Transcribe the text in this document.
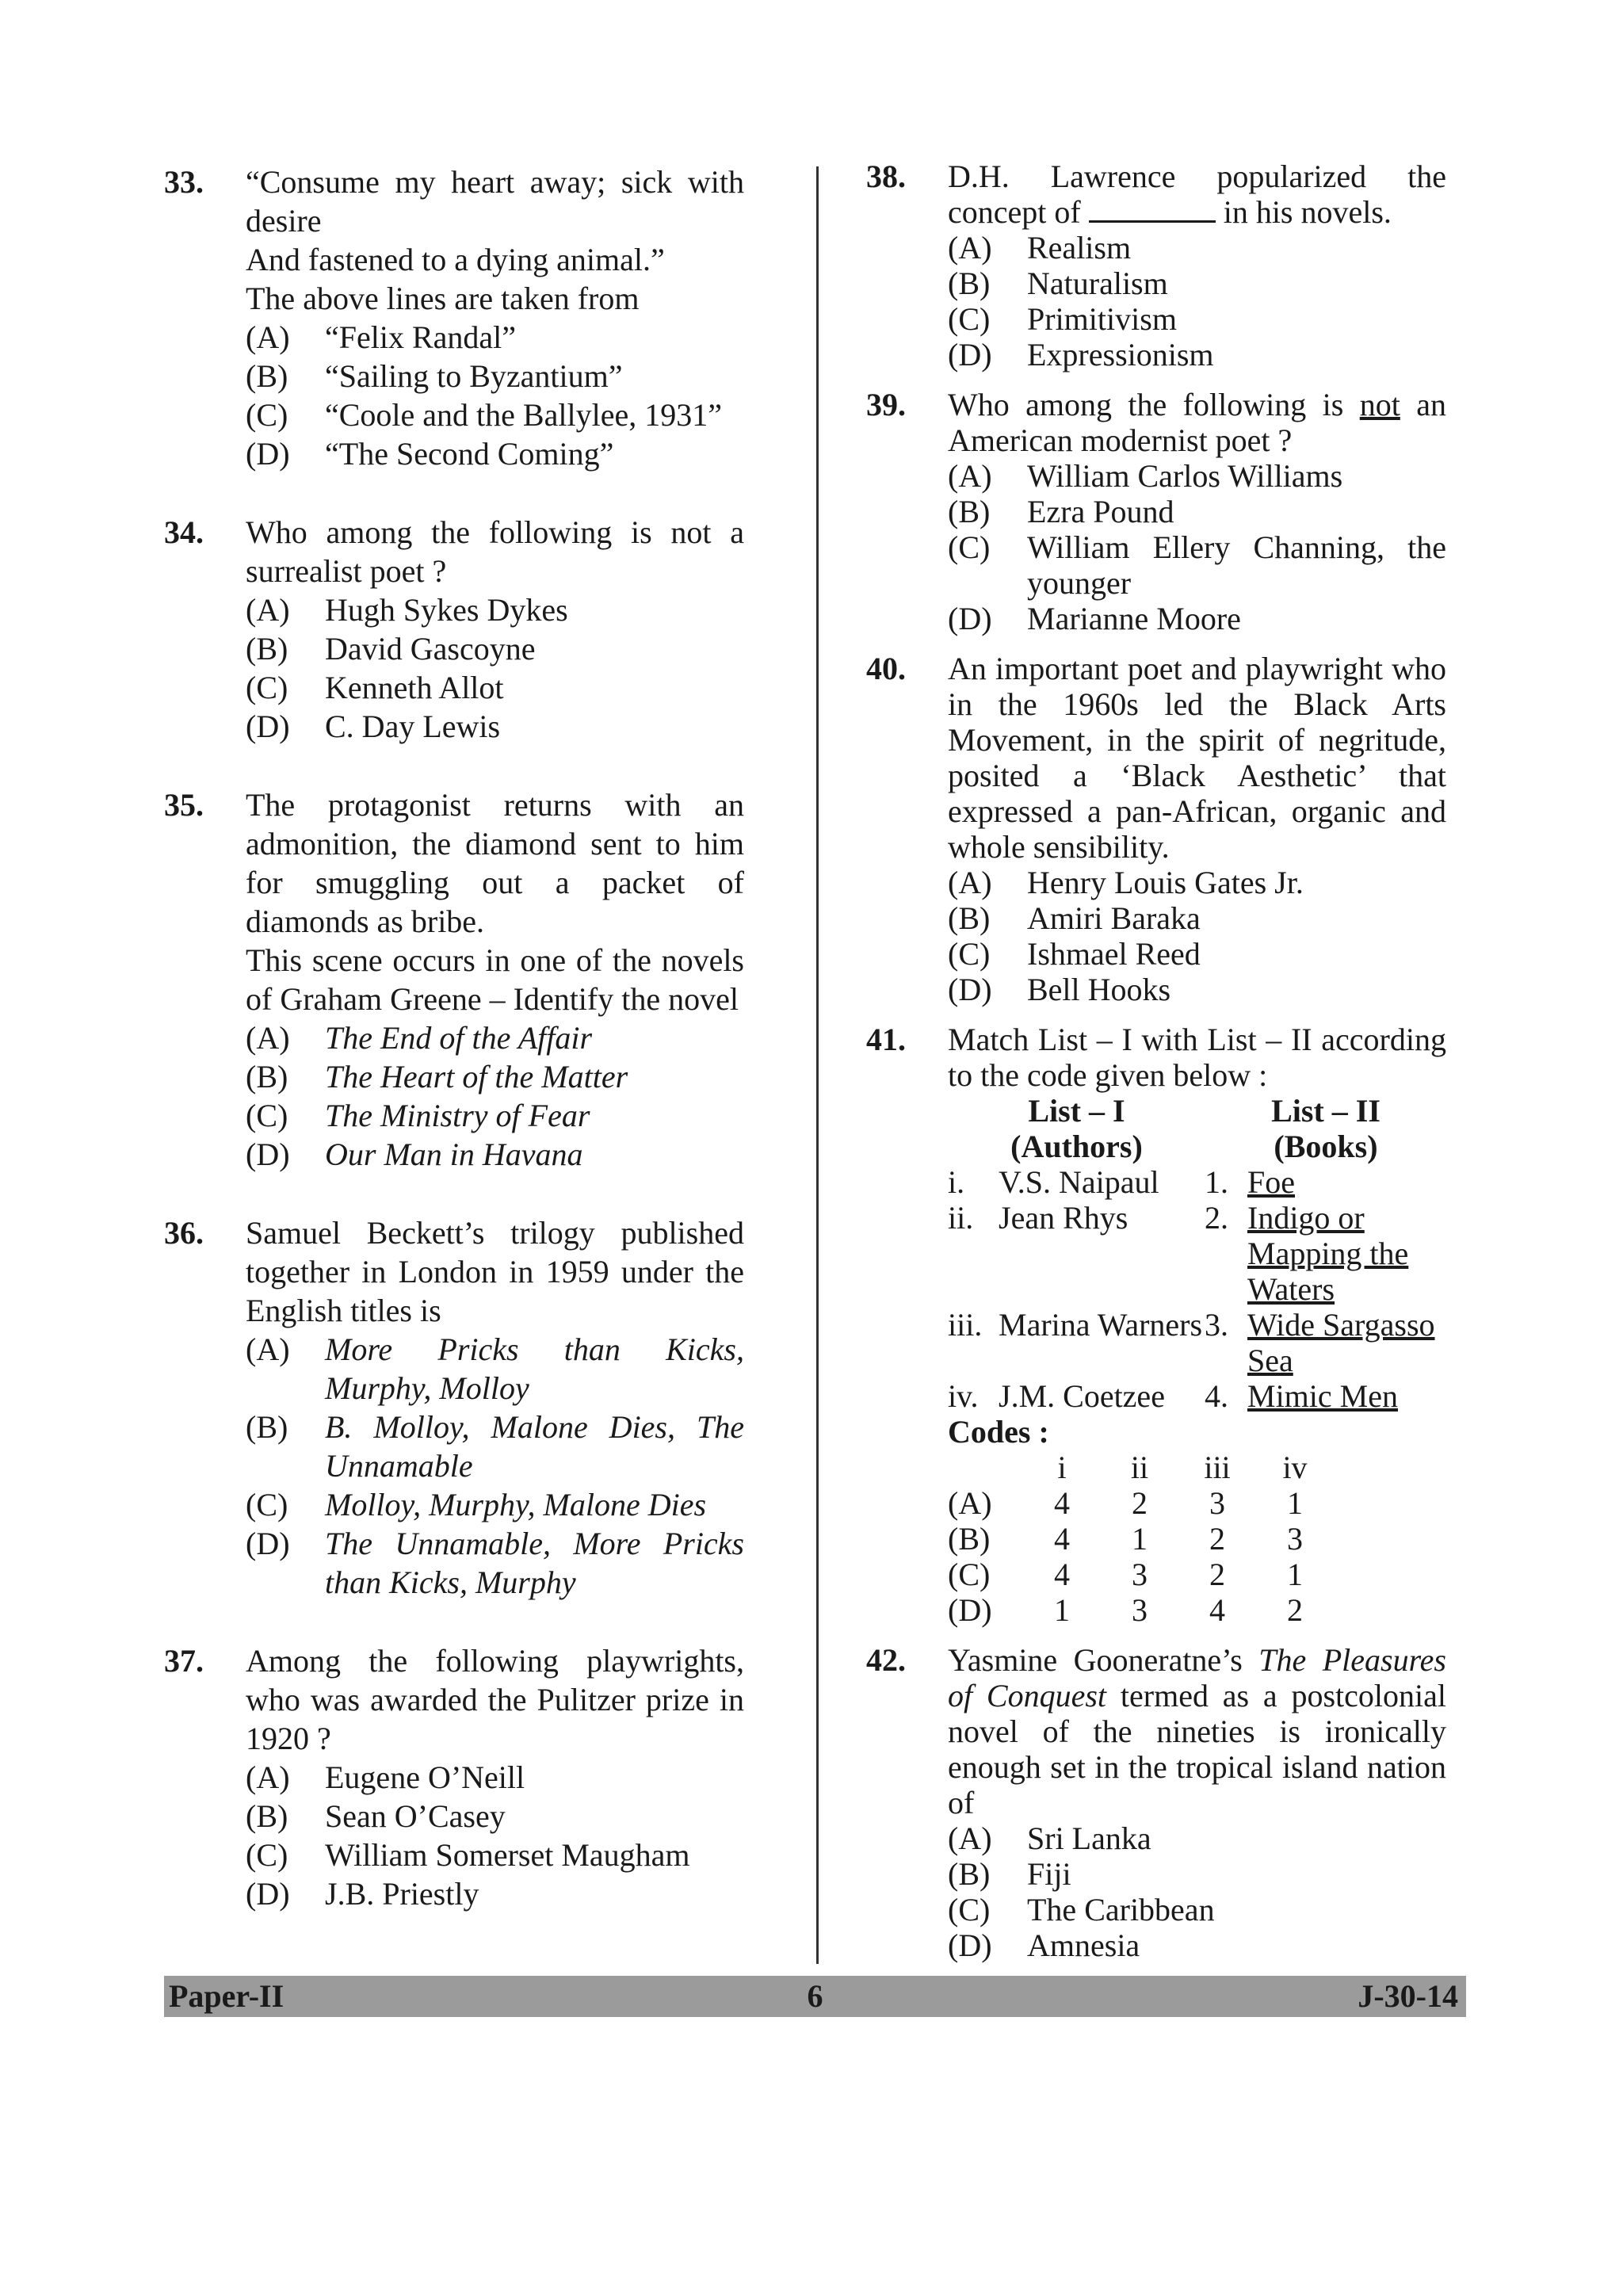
33.	“Consume my heart away; sick with desire
And fastened to a dying animal.”
The above lines are taken from
(A)	“Felix Randal”
(B)	“Sailing to Byzantium”
(C)	“Coole and the Ballylee, 1931”
(D)	“The Second Coming”
34.	Who among the following is not a surrealist poet ?
(A)	Hugh Sykes Dykes
(B)	David Gascoyne
(C)	Kenneth Allot
(D)	C. Day Lewis
35.	The protagonist returns with an admonition, the diamond sent to him for smuggling out a packet of diamonds as bribe.
This scene occurs in one of the novels of Graham Greene – Identify the novel
(A)	The End of the Affair
(B)	The Heart of the Matter
(C)	The Ministry of Fear
(D)	Our Man in Havana
36.	Samuel Beckett’s trilogy published together in London in 1959 under the English titles is
(A)	More Pricks than Kicks, Murphy, Molloy
(B)	B. Molloy, Malone Dies, The Unnamable
(C)	Molloy, Murphy, Malone Dies
(D)	The Unnamable, More Pricks than Kicks, Murphy
37.	Among the following playwrights, who was awarded the Pulitzer prize in 1920 ?
(A)	Eugene O’Neill
(B)	Sean O’Casey
(C)	William Somerset Maugham
(D)	J.B. Priestly
38.	D.H. Lawrence popularized the concept of	in his novels.
(A)	Realism
(B)	Naturalism
(C)	Primitivism
(D)	Expressionism
39.	Who among the following is not an American modernist poet ?
(A)	William Carlos Williams
(B)	Ezra Pound
(C)	William Ellery Channing, the younger
(D)	Marianne Moore
40.	An important poet and playwright who in the 1960s led the Black Arts Movement, in the spirit of negritude, posited a ‘Black Aesthetic’ that expressed a pan-African, organic and whole sensibility.
(A)	Henry Louis Gates Jr.
(B)	Amiri Baraka
(C)	Ishmael Reed
(D)	Bell Hooks
41.	Match List – I with List – II according to the code given below :
List – I
(Authors)
List – II
(Books)
i.	V.S. Naipaul	1. Foe
ii. Jean Rhys	2. Indigo or Mapping the Waters
iii. Marina Warners 3. Wide Sargasso Sea
iv. J.M. Coetzee	4. Mimic Men
Codes :
i	ii	iii	iv
(A)	4	2	3	1
(B)	4	1	2	3
(C)	4	3	2	1
(D)	1	3	4	2
42.	Yasmine Gooneratne’s The Pleasures of Conquest termed as a postcolonial novel of the nineties is ironically enough set in the tropical island nation of
(A)	Sri Lanka
(B)	Fiji
(C)	The Caribbean
(D)	Amnesia
6
Paper-II	J-30-14
